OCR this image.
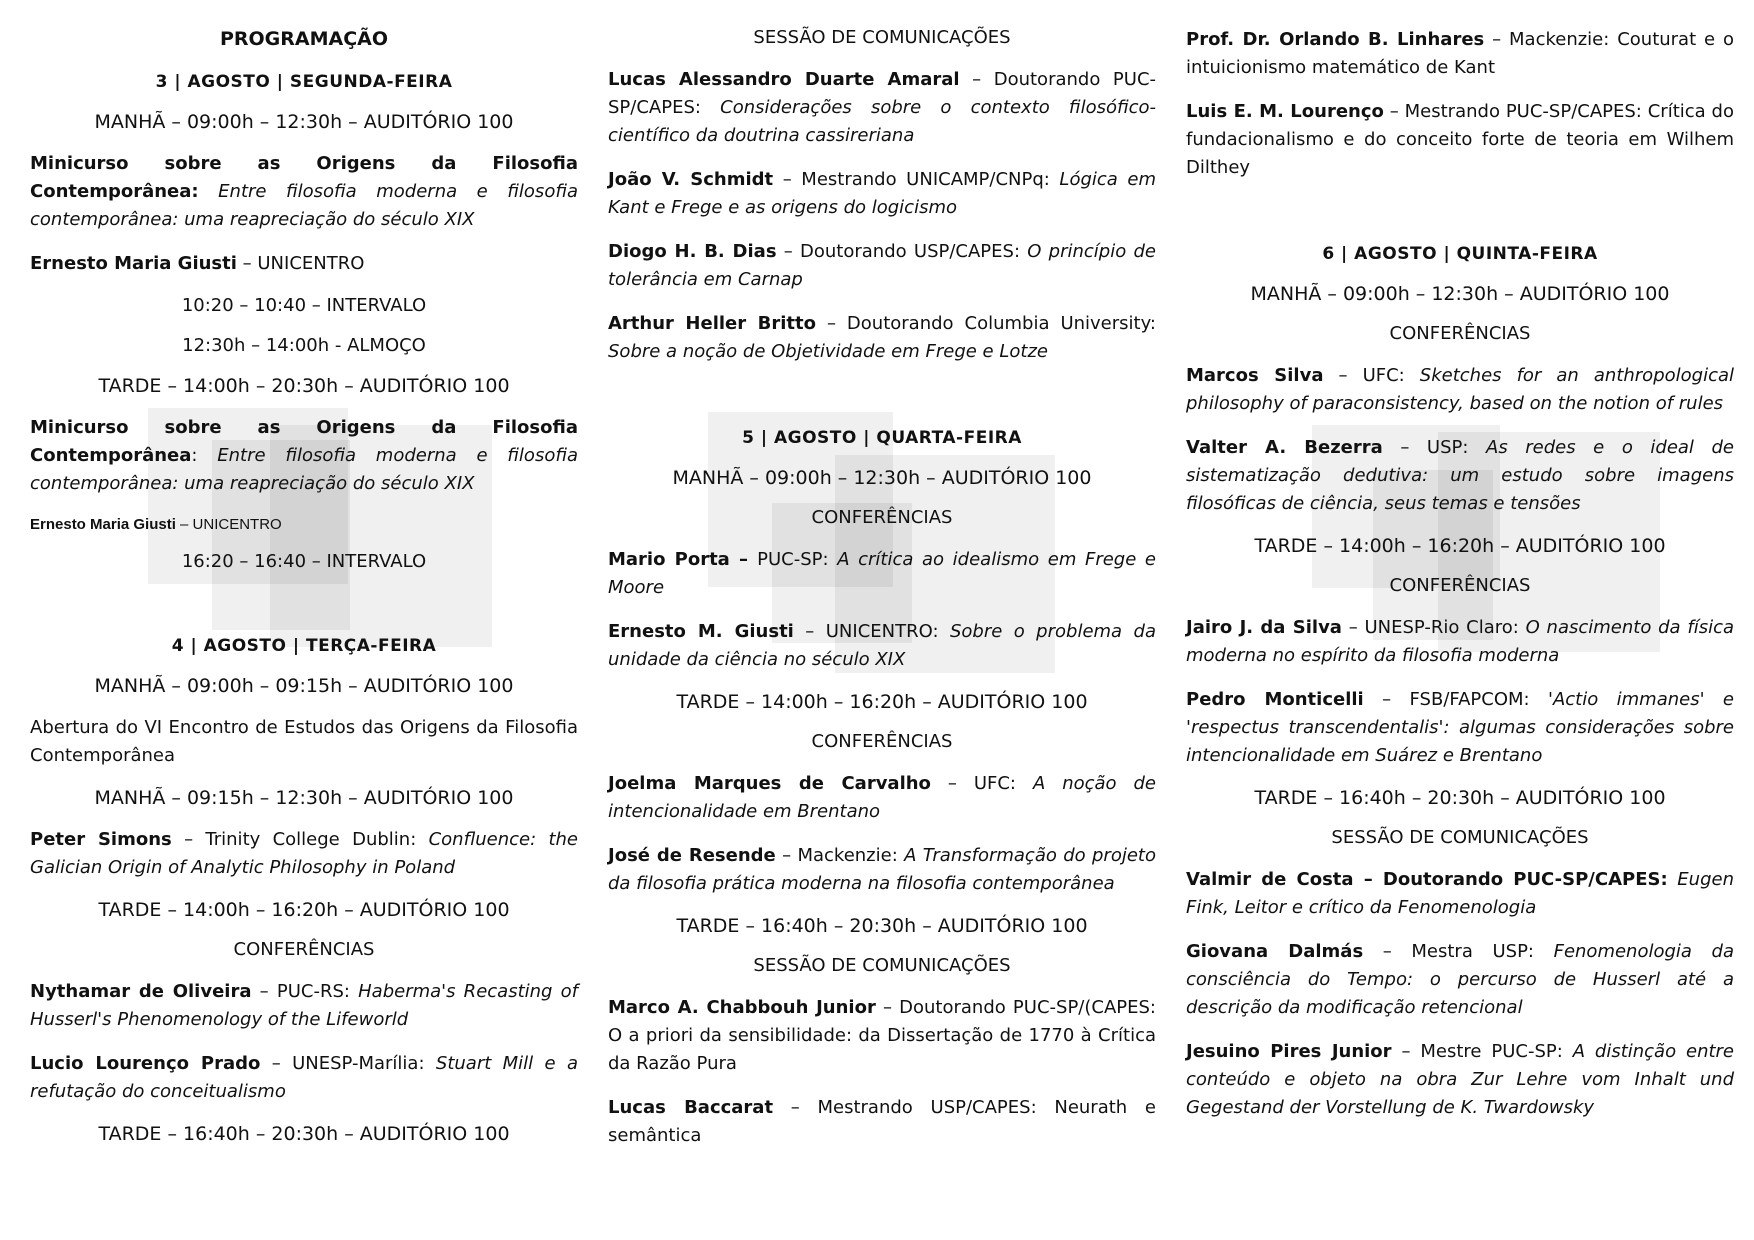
PROGRAMAÇÃO

3 | AGOSTO | SEGUNDA-FEIRA

MANHÃ – 09:00h – 12:30h – AUDITÓRIO 100

Minicurso sobre as Origens da Filosofia Contemporânea: Entre filosofia moderna e filosofia contemporânea: uma reapreciação do século XIX

Ernesto Maria Giusti – UNICENTRO

10:20 – 10:40 – INTERVALO

12:30h – 14:00h - ALMOÇO

TARDE – 14:00h – 20:30h – AUDITÓRIO 100

Minicurso sobre as Origens da Filosofia Contemporânea: Entre filosofia moderna e filosofia contemporânea: uma reapreciação do século XIX

Ernesto Maria Giusti – UNICENTRO

16:20 – 16:40 – INTERVALO

4 | AGOSTO | TERÇA-FEIRA

MANHÃ – 09:00h – 09:15h – AUDITÓRIO 100

Abertura do VI Encontro de Estudos das Origens da Filosofia Contemporânea

MANHÃ – 09:15h – 12:30h – AUDITÓRIO 100

Peter Simons – Trinity College Dublin: Confluence: the Galician Origin of Analytic Philosophy in Poland

TARDE – 14:00h – 16:20h – AUDITÓRIO 100

CONFERÊNCIAS

Nythamar de Oliveira – PUC-RS: Haberma's Recasting of Husserl's Phenomenology of the Lifeworld

Lucio Lourenço Prado – UNESP-Marília: Stuart Mill e a refutação do conceitualismo

TARDE – 16:40h – 20:30h – AUDITÓRIO 100

SESSÃO DE COMUNICAÇÕES

Lucas Alessandro Duarte Amaral – Doutorando PUC-SP/CAPES: Considerações sobre o contexto filosófico-científico da doutrina cassireriana

João V. Schmidt – Mestrando UNICAMP/CNPq: Lógica em Kant e Frege e as origens do logicismo

Diogo H. B. Dias – Doutorando USP/CAPES: O princípio de tolerância em Carnap

Arthur Heller Britto – Doutorando Columbia University: Sobre a noção de Objetividade em Frege e Lotze

5 | AGOSTO | QUARTA-FEIRA

MANHÃ – 09:00h – 12:30h – AUDITÓRIO 100

CONFERÊNCIAS

Mario Porta – PUC-SP: A crítica ao idealismo em Frege e Moore

Ernesto M. Giusti – UNICENTRO: Sobre o problema da unidade da ciência no século XIX

TARDE – 14:00h – 16:20h – AUDITÓRIO 100

CONFERÊNCIAS

Joelma Marques de Carvalho – UFC: A noção de intencionalidade em Brentano

José de Resende – Mackenzie: A Transformação do projeto da filosofia prática moderna na filosofia contemporânea

TARDE – 16:40h – 20:30h – AUDITÓRIO 100

SESSÃO DE COMUNICAÇÕES

Marco A. Chabbouh Junior – Doutorando PUC-SP/(CAPES: O a priori da sensibilidade: da Dissertação de 1770 à Crítica da Razão Pura

Lucas Baccarat – Mestrando USP/CAPES: Neurath e semântica

Prof. Dr. Orlando B. Linhares – Mackenzie: Couturat e o intuicionismo matemático de Kant

Luis E. M. Lourenço – Mestrando PUC-SP/CAPES: Crítica do fundacionalismo e do conceito forte de teoria em Wilhem Dilthey

6 | AGOSTO | QUINTA-FEIRA

MANHÃ – 09:00h – 12:30h – AUDITÓRIO 100

CONFERÊNCIAS

Marcos Silva – UFC: Sketches for an anthropological philosophy of paraconsistency, based on the notion of rules

Valter A. Bezerra – USP: As redes e o ideal de sistematização dedutiva: um estudo sobre imagens filosóficas de ciência, seus temas e tensões

TARDE – 14:00h – 16:20h – AUDITÓRIO 100

CONFERÊNCIAS

Jairo J. da Silva – UNESP-Rio Claro: O nascimento da física moderna no espírito da filosofia moderna

Pedro Monticelli – FSB/FAPCOM: 'Actio immanes' e 'respectus transcendentalis': algumas considerações sobre intencionalidade em Suárez e Brentano

TARDE – 16:40h – 20:30h – AUDITÓRIO 100

SESSÃO DE COMUNICAÇÕES

Valmir de Costa – Doutorando PUC-SP/CAPES: Eugen Fink, Leitor e crítico da Fenomenologia

Giovana Dalmás – Mestra USP: Fenomenologia da consciência do Tempo: o percurso de Husserl até a descrição da modificação retencional

Jesuino Pires Junior – Mestre PUC-SP: A distinção entre conteúdo e objeto na obra Zur Lehre vom Inhalt und Gegestand der Vorstellung de K. Twardowsky
